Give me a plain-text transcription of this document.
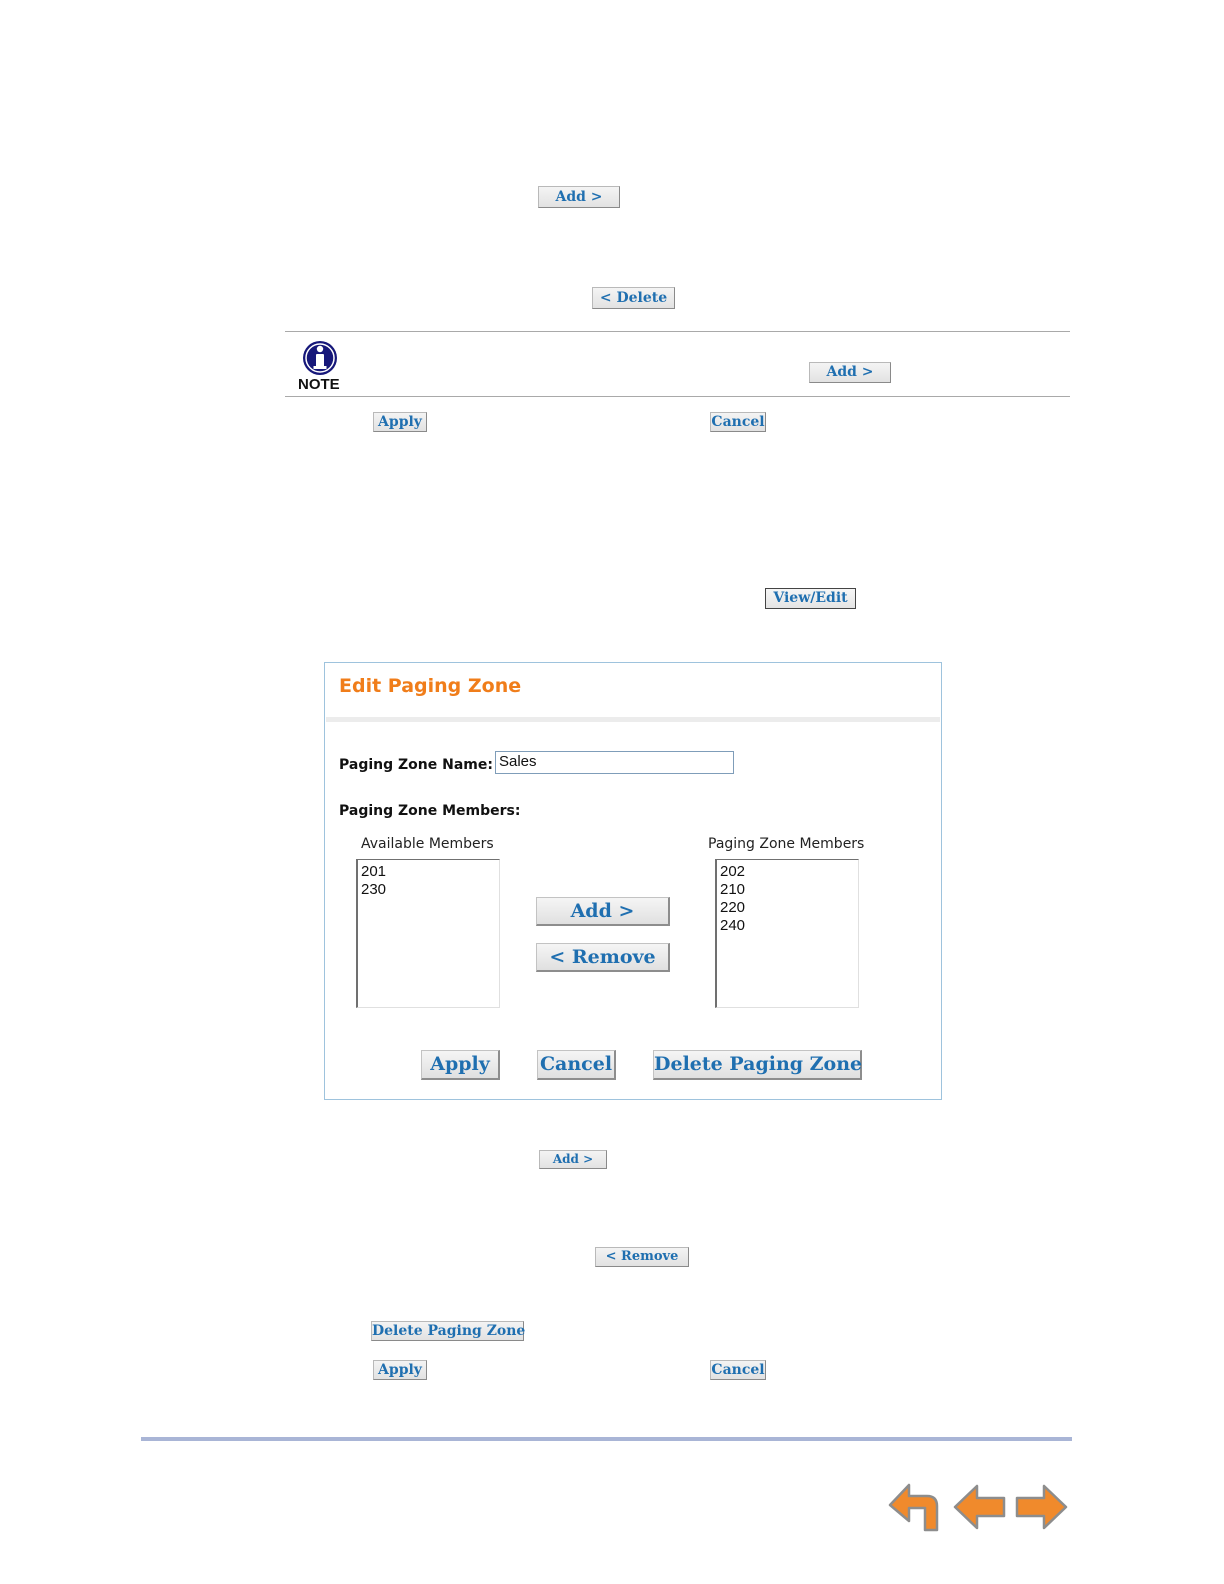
Add >
< Delete
NOTE
Add >
Apply	Cancel
View/Edit
Edit Paging Zone
Paging Zone Name: Sales
Paging Zone Members:
Available Members	Paging Zone Members
201
230
Add >
< Remove
202
210
220
240
Apply	Cancel Delete Paging Zone
Add >
< Remove
Delete Paging Zone
Apply	Cancel
